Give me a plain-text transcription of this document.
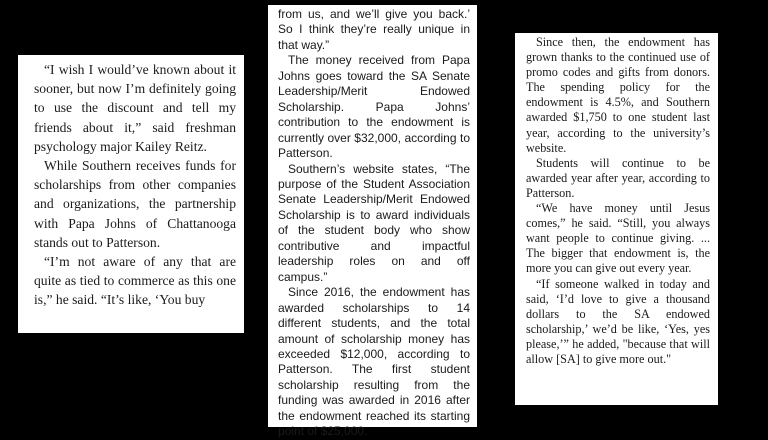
“I wish I would’ve known about it sooner, but now I’m definitely going to use the discount and tell my friends about it,” said freshman psychology major Kailey Reitz.

While Southern receives funds for scholarships from other companies and organizations, the partnership with Papa Johns of Chattanooga stands out to Patterson.

“I’m not aware of any that are quite as tied to commerce as this one is,” he said. “It’s like, ‘You buy

from us, and we’ll give you back.’ So I think they’re really unique in that way.”

The money received from Papa Johns goes toward the SA Senate Leadership/Merit Endowed Scholarship. Papa Johns’ contribution to the endowment is currently over $32,000, according to Patterson.

Southern’s website states, “The purpose of the Student Association Senate Leadership/Merit Endowed Scholarship is to award individuals of the student body who show contributive and impactful leadership roles on and off campus.”

Since 2016, the endowment has awarded scholarships to 14 different students, and the total amount of scholarship money has exceeded $12,000, according to Patterson. The first student scholarship resulting from the funding was awarded in 2016 after the endowment reached its starting point of $25,000.

Since then, the endowment has grown thanks to the continued use of promo codes and gifts from donors. The spending policy for the endowment is 4.5%, and Southern awarded $1,750 to one student last year, according to the university’s website.

Students will continue to be awarded year after year, according to Patterson.

“We have money until Jesus comes,” he said. “Still, you always want people to continue giving. ... The bigger that endowment is, the more you can give out every year.

“If someone walked in today and said, ‘I’d love to give a thousand dollars to the SA endowed scholarship,’ we’d be like, ‘Yes, yes please,’” he added, "because that will allow [SA] to give more out."
